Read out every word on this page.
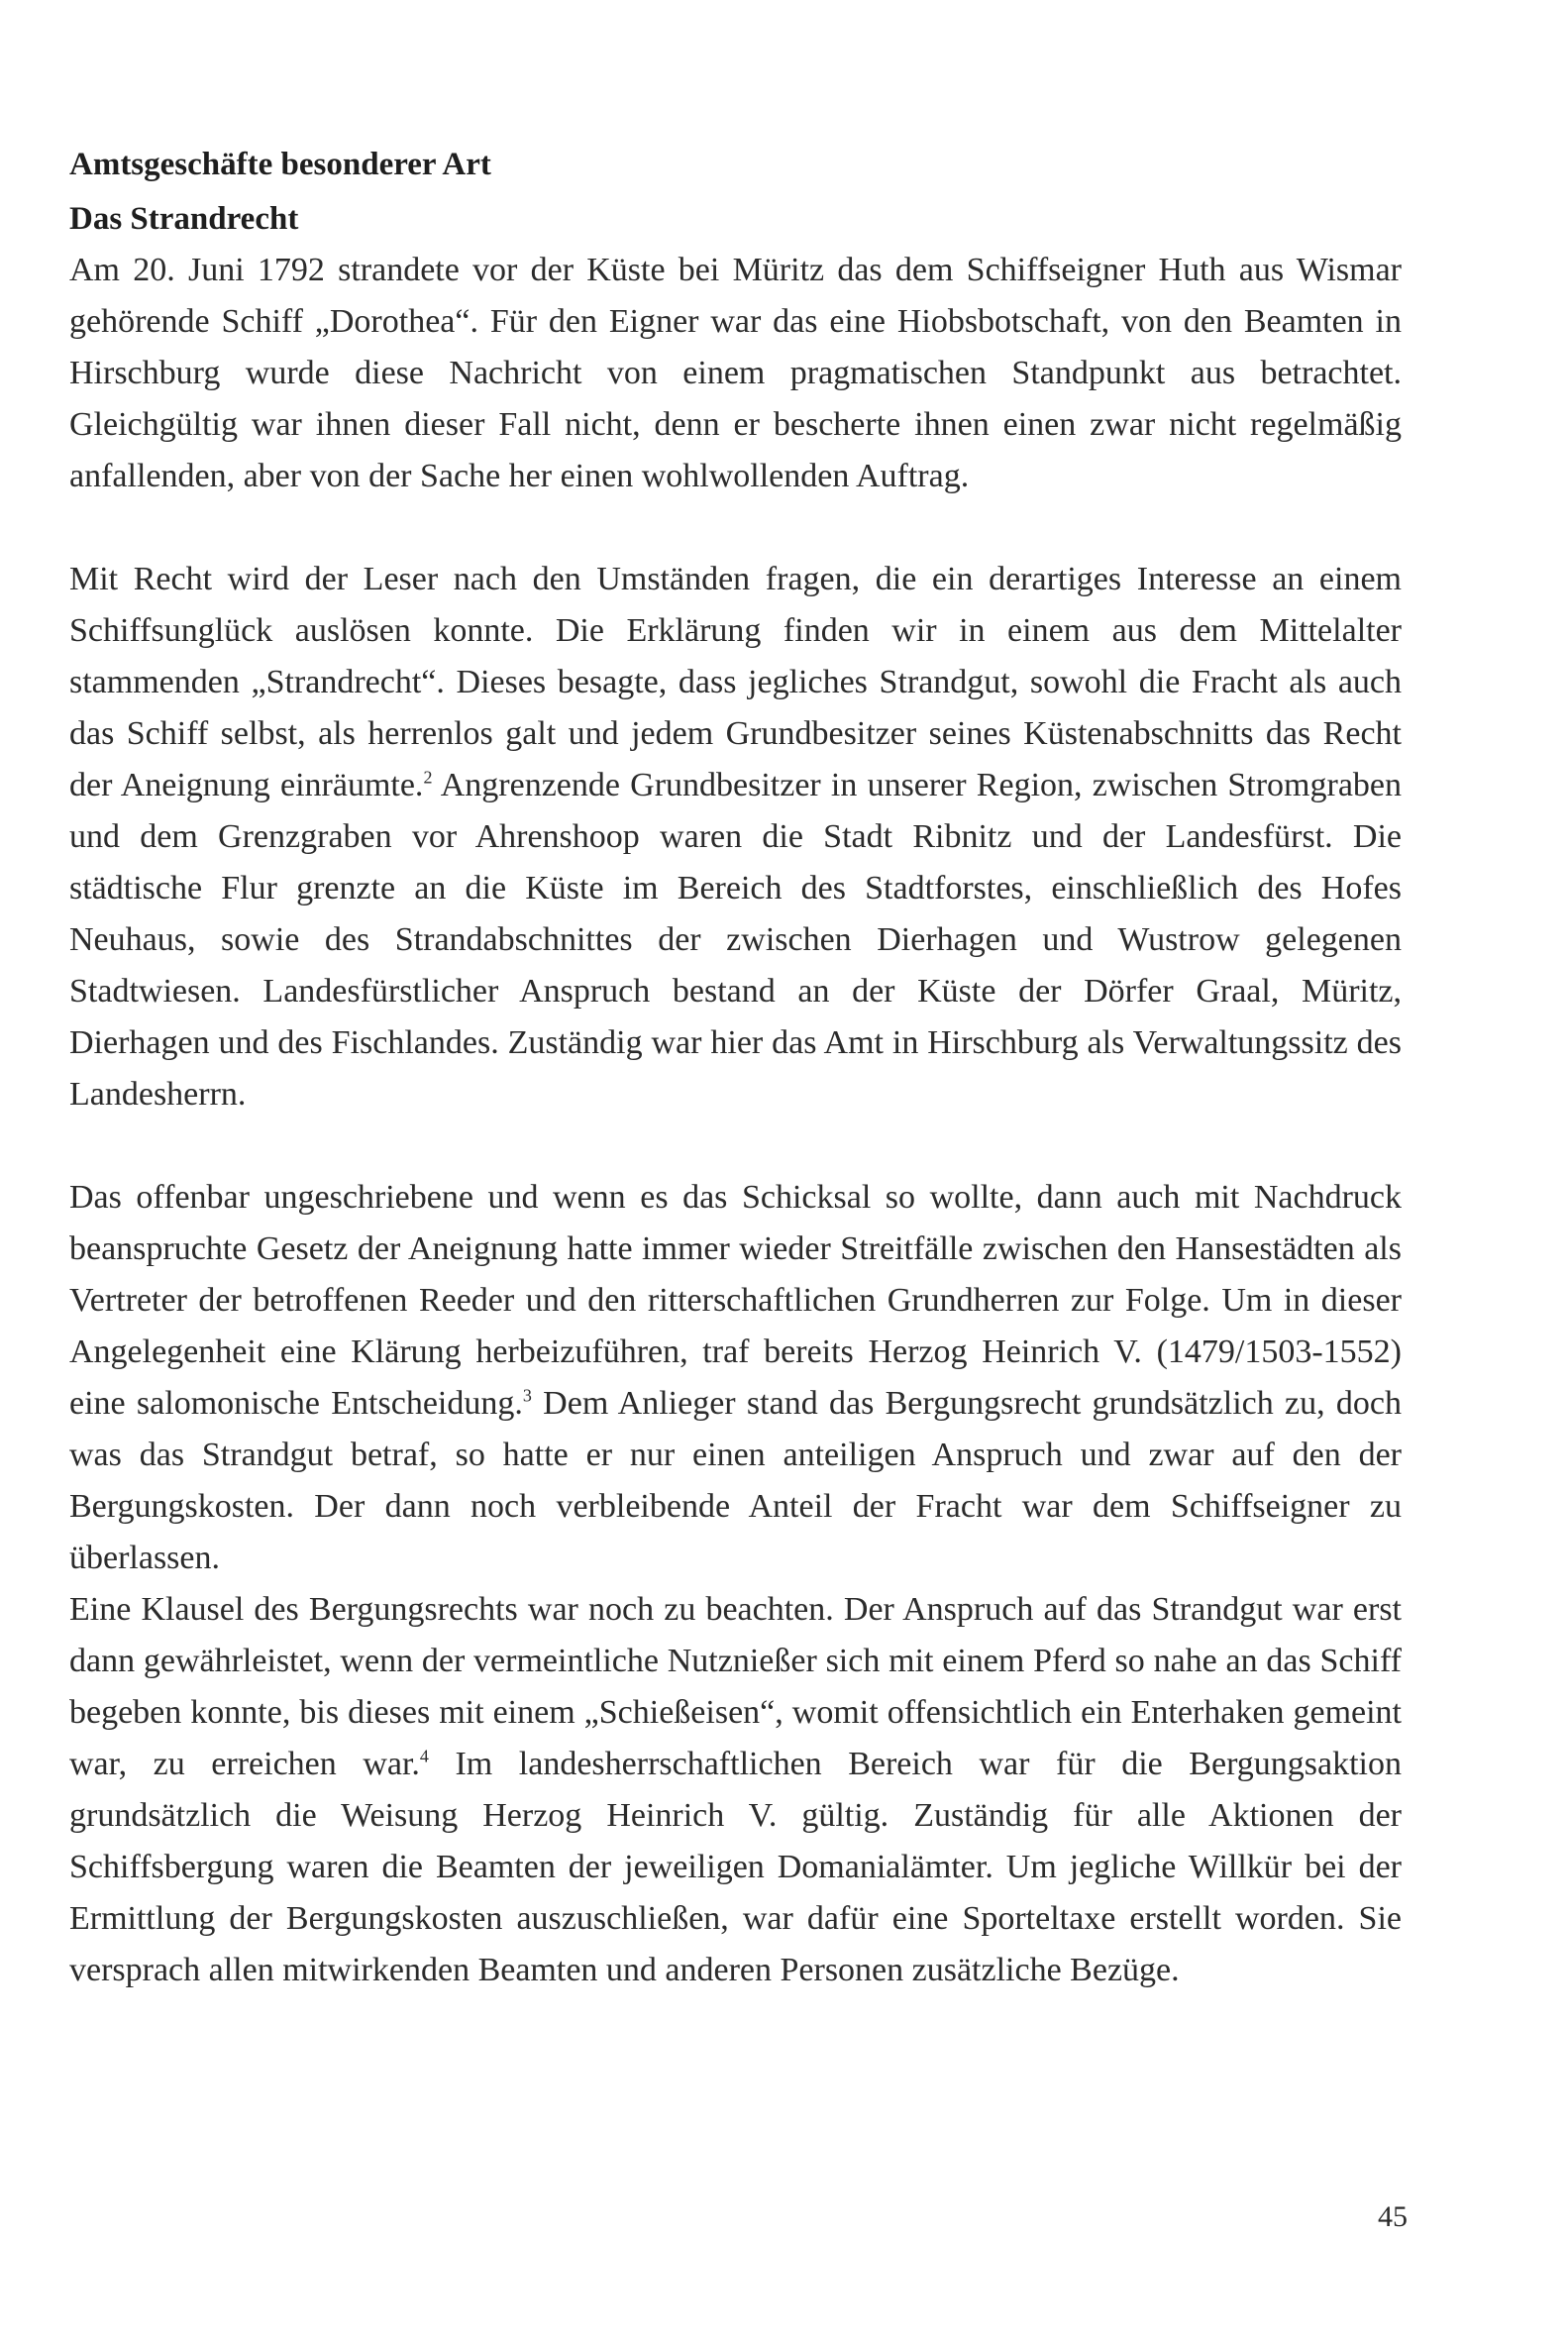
Amtsgeschäfte besonderer Art
Das Strandrecht

Am 20. Juni 1792 strandete vor der Küste bei Müritz das dem Schiffseigner Huth aus Wismar gehörende Schiff „Dorothea“. Für den Eigner war das eine Hiobsbotschaft, von den Beamten in Hirschburg wurde diese Nachricht von einem pragmatischen Standpunkt aus betrachtet. Gleichgültig war ihnen dieser Fall nicht, denn er bescherte ihnen einen zwar nicht regelmäßig anfallenden, aber von der Sache her einen wohlwollenden Auftrag.

Mit Recht wird der Leser nach den Umständen fragen, die ein derartiges Interesse an einem Schiffsunglück auslösen konnte. Die Erklärung finden wir in einem aus dem Mittelalter stammenden „Strandrecht“. Dieses besagte, dass jegliches Strandgut, sowohl die Fracht als auch das Schiff selbst, als herrenlos galt und jedem Grundbesitzer seines Küstenabschnitts das Recht der Aneignung einräumte.$^2$ Angrenzende Grundbesitzer in unserer Region, zwischen Stromgraben und dem Grenzgraben vor Ahrenshoop waren die Stadt Ribnitz und der Landesfürst. Die städtische Flur grenzte an die Küste im Bereich des Stadtforstes, einschließlich des Hofes Neuhaus, sowie des Strandabschnittes der zwischen Dierhagen und Wustrow gelegenen Stadtwiesen. Landesfürstlicher Anspruch bestand an der Küste der Dörfer Graal, Müritz, Dierhagen und des Fischlandes. Zuständig war hier das Amt in Hirschburg als Verwaltungssitz des Landesherrn.

Das offenbar ungeschriebene und wenn es das Schicksal so wollte, dann auch mit Nachdruck beanspruchte Gesetz der Aneignung hatte immer wieder Streitfälle zwischen den Hansestädten als Vertreter der betroffenen Reeder und den ritterschaftlichen Grundherren zur Folge. Um in dieser Angelegenheit eine Klärung herbeizuführen, traf bereits Herzog Heinrich V. (1479/1503-1552) eine salomonische Entscheidung.$^3$ Dem Anlieger stand das Bergungsrecht grundsätzlich zu, doch was das Strandgut betraf, so hatte er nur einen anteiligen Anspruch und zwar auf den der Bergungskosten. Der dann noch verbleibende Anteil der Fracht war dem Schiffseigner zu überlassen.

Eine Klausel des Bergungsrechts war noch zu beachten. Der Anspruch auf das Strandgut war erst dann gewährleistet, wenn der vermeintliche Nutznießer sich mit einem Pferd so nahe an das Schiff begeben konnte, bis dieses mit einem „Schießeisen“, womit offensichtlich ein Enterhaken gemeint war, zu erreichen war.$^4$ Im landesherrschaftlichen Bereich war für die Bergungsaktion grundsätzlich die Weisung Herzog Heinrich V. gültig. Zuständig für alle Aktionen der Schiffsbergung waren die Beamten der jeweiligen Domanialämter. Um jegliche Willkür bei der Ermittlung der Bergungskosten auszuschließen, war dafür eine Sporteltaxe erstellt worden. Sie versprach allen mitwirkenden Beamten und anderen Personen zusätzliche Bezüge.

45
